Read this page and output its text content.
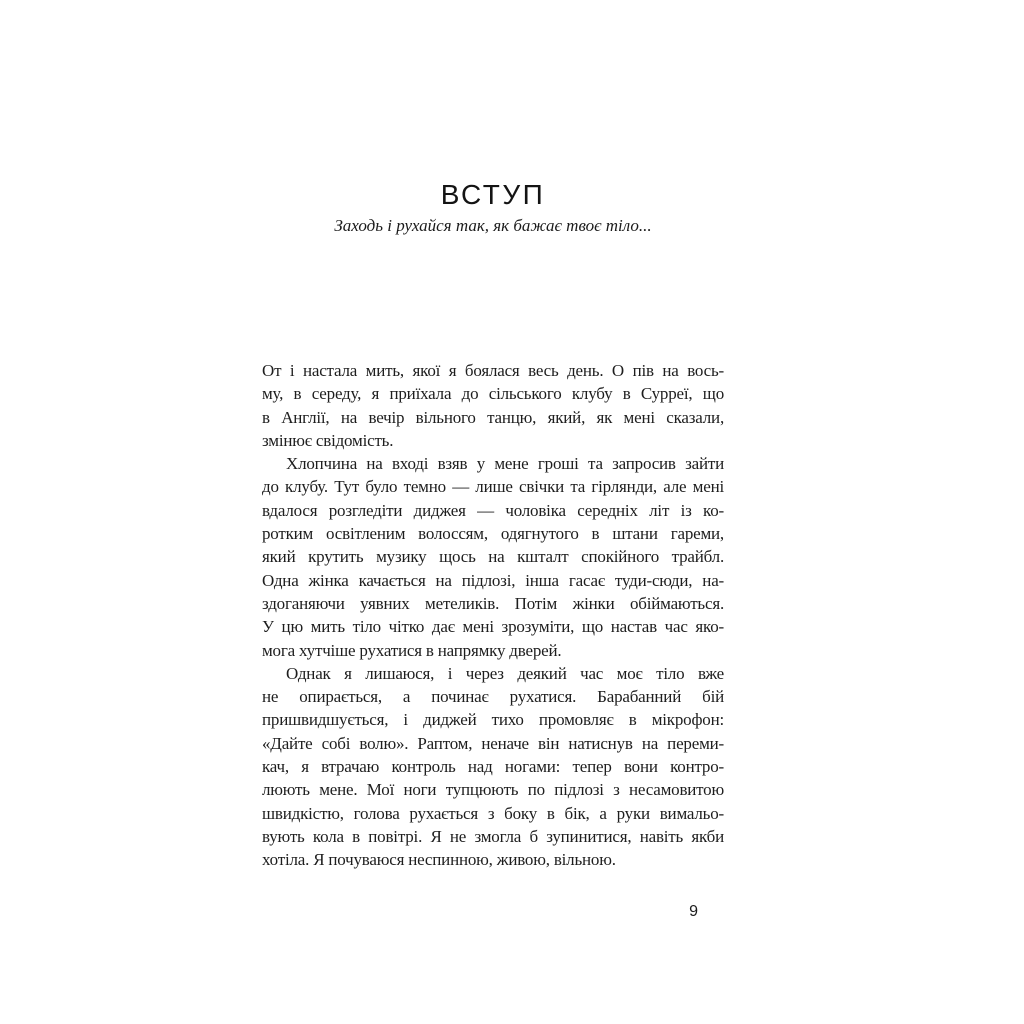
ВСТУП
Заходь і рухайся так, як бажає твоє тіло...
От і настала мить, якої я боялася весь день. О пів на вось-
му, в середу, я приїхала до сільського клубу в Сурреї, що
в Англії, на вечір вільного танцю, який, як мені сказали,
змінює свідомість.
Хлопчина на вході взяв у мене гроші та запросив зайти
до клубу. Тут було темно — лише свічки та гірлянди, але мені
вдалося розгледіти диджея — чоловіка середніх літ із ко-
ротким освітленим волоссям, одягнутого в штани гареми,
який крутить музику щось на кшталт спокійного трайбл.
Одна жінка качається на підлозі, інша гасає туди-сюди, на-
здоганяючи уявних метеликів. Потім жінки обіймаються.
У цю мить тіло чітко дає мені зрозуміти, що настав час яко-
мога хутчіше рухатися в напрямку дверей.
Однак я лишаюся, і через деякий час моє тіло вже
не опирається, а починає рухатися. Барабанний бій
пришвидшується, і диджей тихо промовляє в мікрофон:
«Дайте собі волю». Раптом, неначе він натиснув на переми-
кач, я втрачаю контроль над ногами: тепер вони контро-
люють мене. Мої ноги тупцюють по підлозі з несамовитою
швидкістю, голова рухається з боку в бік, а руки вимальо-
вують кола в повітрі. Я не змогла б зупинитися, навіть якби
хотіла. Я почуваюся неспинною, живою, вільною.
9
